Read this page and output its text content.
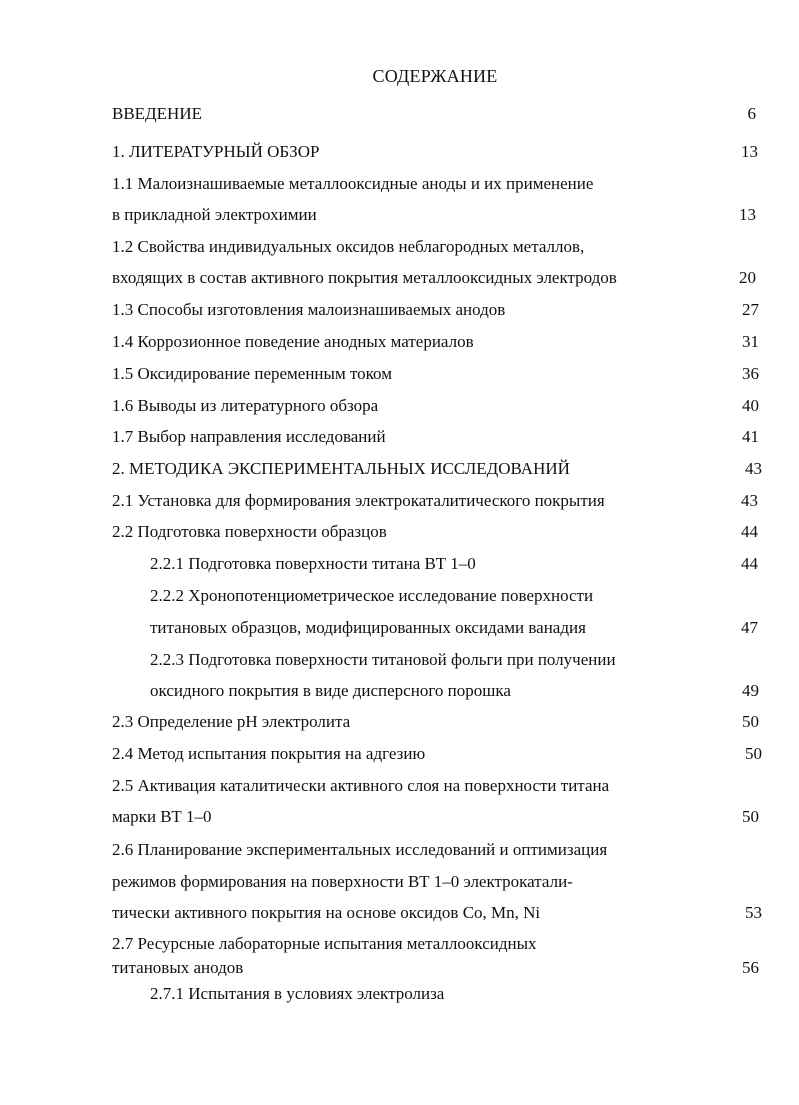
СОДЕРЖАНИЕ
ВВЕДЕНИЕ	6
1. ЛИТЕРАТУРНЫЙ ОБЗОР	13
1.1 Малоизнашиваемые металлооксидные аноды и их применение
в прикладной электрохимии	13
1.2 Свойства индивидуальных оксидов неблагородных металлов,
входящих в состав активного покрытия металлооксидных электродов	20
1.3 Способы изготовления малоизнашиваемых анодов	27
1.4 Коррозионное поведение анодных материалов	31
1.5 Оксидирование переменным током	36
1.6 Выводы из литературного обзора	40
1.7 Выбор направления исследований	41
2. МЕТОДИКА ЭКСПЕРИМЕНТАЛЬНЫХ ИССЛЕДОВАНИЙ	43
2.1 Установка для формирования электрокаталитического покрытия	43
2.2 Подготовка поверхности образцов	44
2.2.1 Подготовка поверхности титана ВТ 1–0	44
2.2.2 Хронопотенциометрическое исследование поверхности
титановых образцов, модифицированных оксидами ванадия	47
2.2.3 Подготовка поверхности титановой фольги при получении
оксидного покрытия в виде дисперсного порошка	49
2.3 Определение pH электролита	50
2.4 Метод испытания покрытия на адгезию	50
2.5 Активация каталитически активного слоя на поверхности титана
марки ВТ 1–0	50
2.6 Планирование экспериментальных исследований и оптимизация
режимов формирования на поверхности ВТ 1–0 электрокатали-
тически активного покрытия на основе оксидов Co, Mn, Ni	53
2.7 Ресурсные лабораторные испытания металлооксидных
титановых анодов	56
2.7.1 Испытания в условиях электролиза
